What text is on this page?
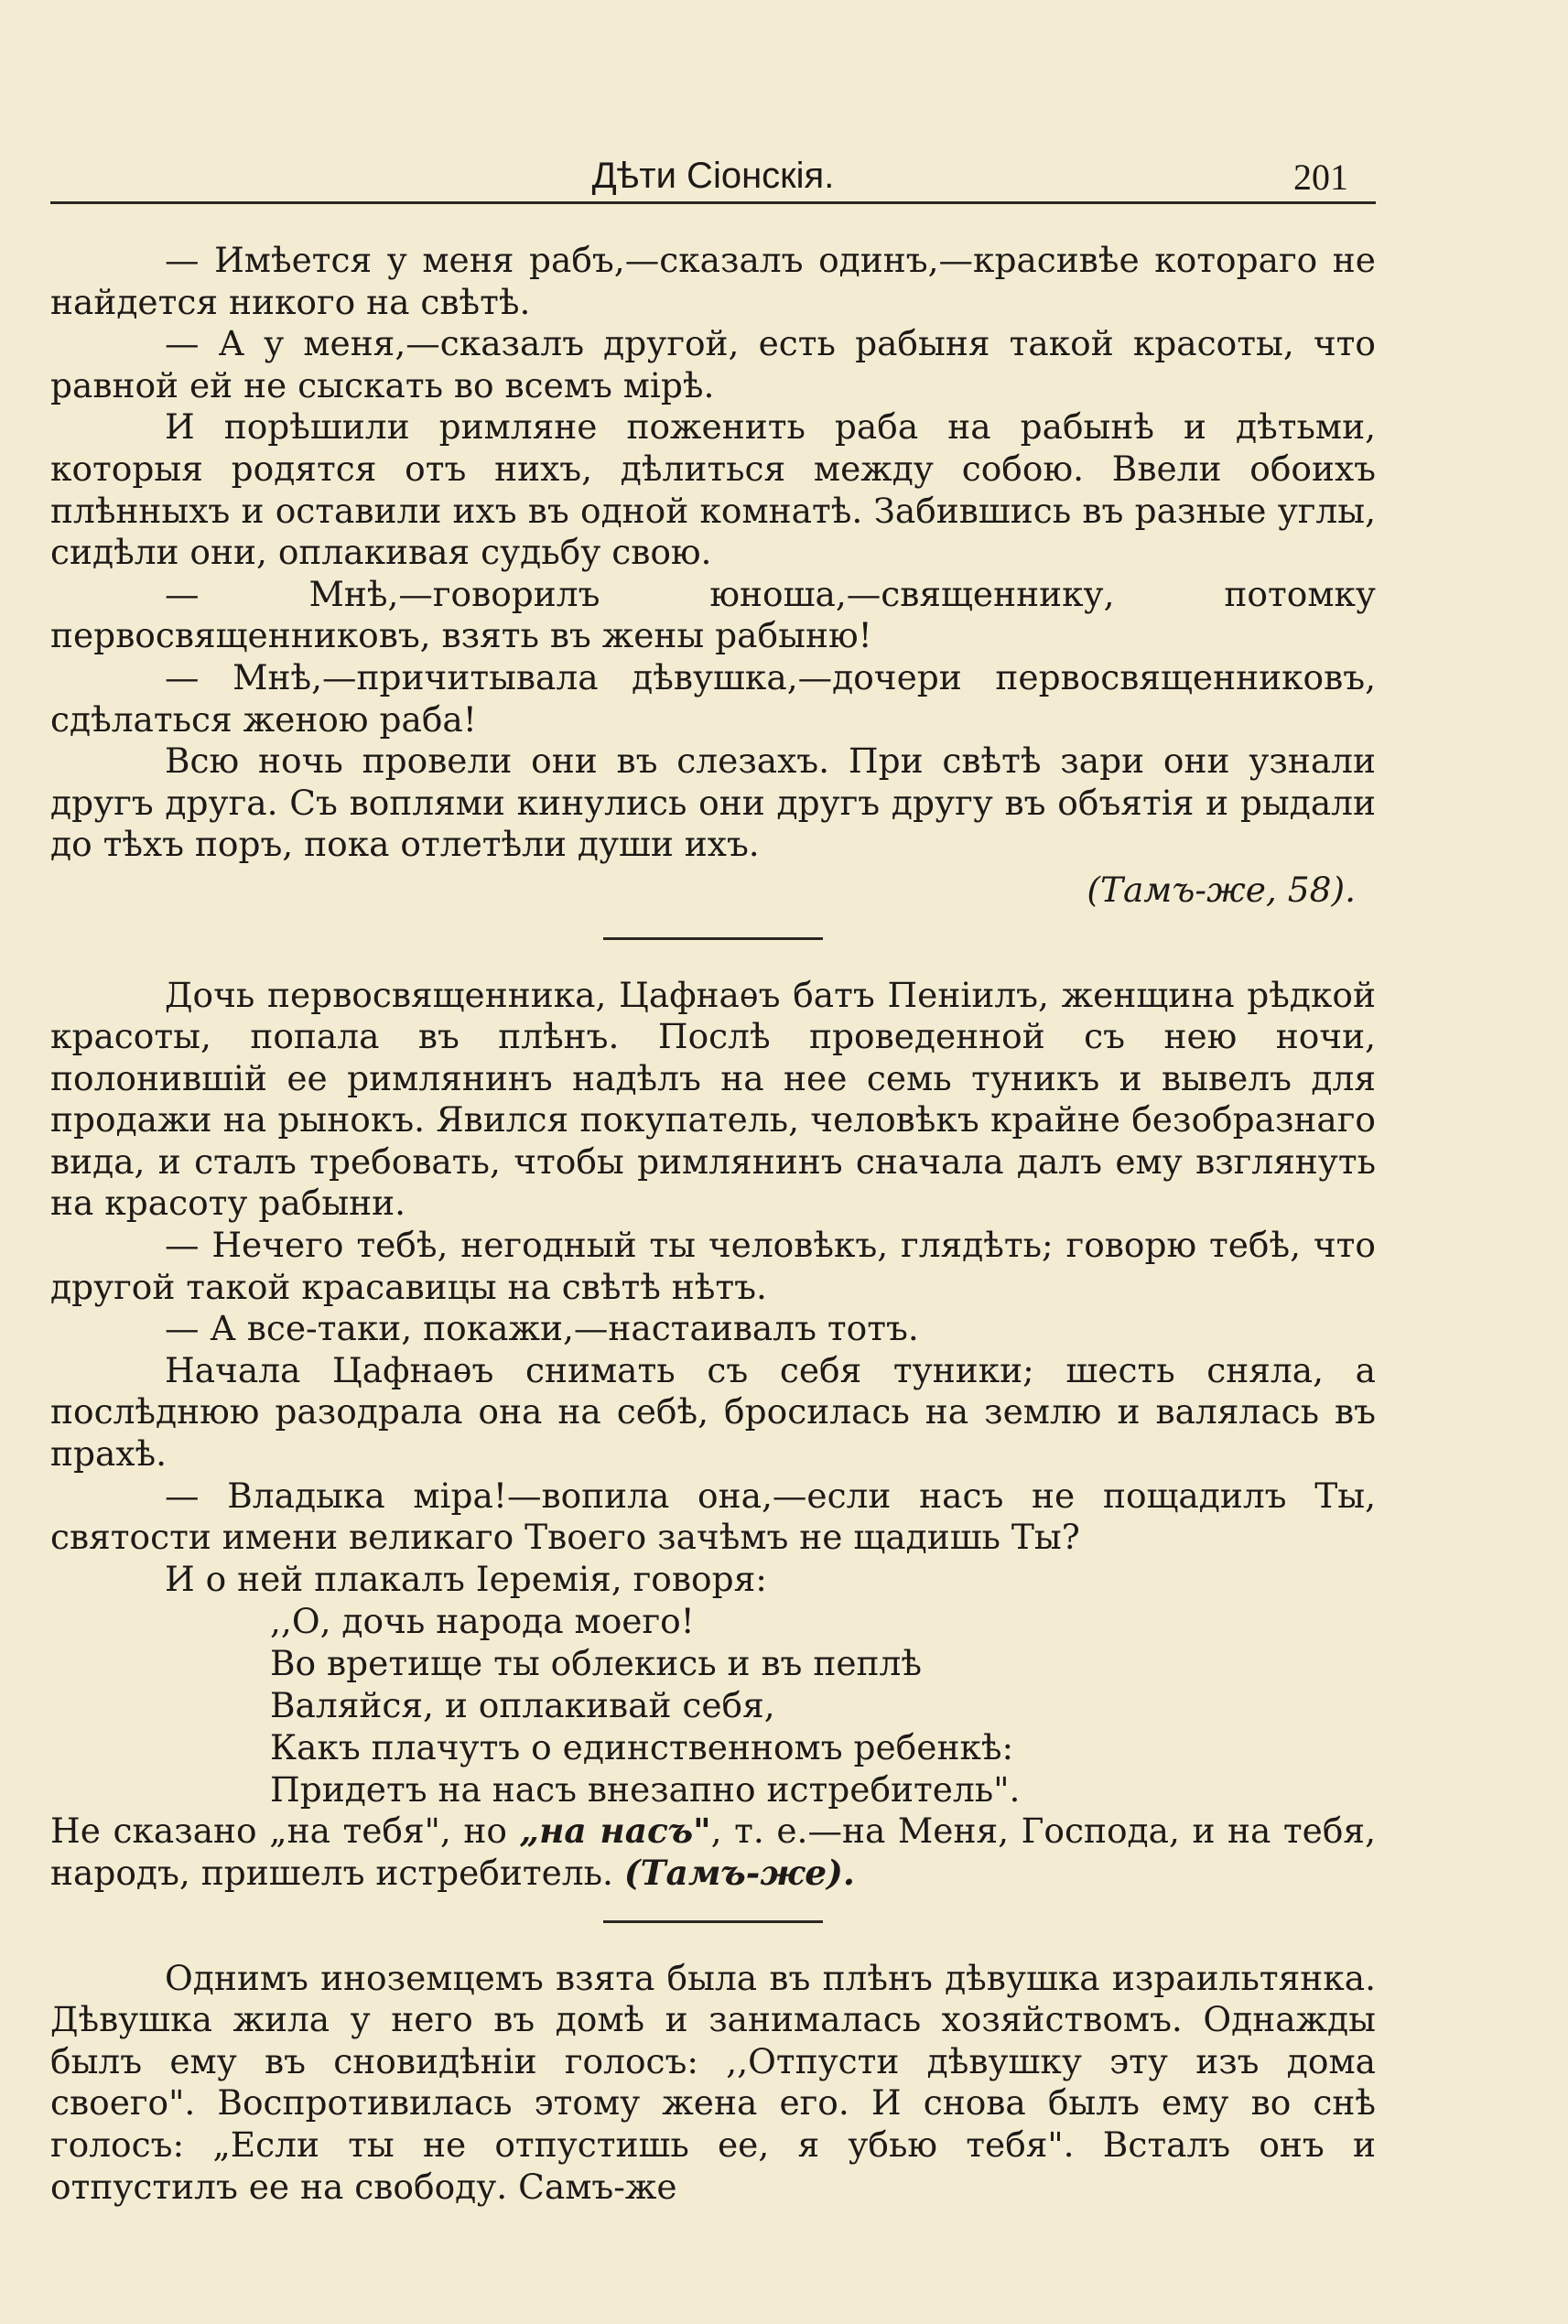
Дѣти Сіонскія.	201

— Имѣется у меня рабъ,—сказалъ одинъ,—красивѣе котораго не найдется никого на свѣтѣ.

— А у меня,—сказалъ другой, есть рабыня такой красоты, что равной ей не сыскать во всемъ мірѣ.

И порѣшили римляне поженить раба на рабынѣ и дѣтьми, которыя родятся отъ нихъ, дѣлиться между собою. Ввели обоихъ плѣнныхъ и оставили ихъ въ одной комнатѣ. Забившись въ разные углы, сидѣли они, оплакивая судьбу свою.

— Мнѣ,—говорилъ юноша,—священнику, потомку первосвященниковъ, взять въ жены рабыню!

— Мнѣ,—причитывала дѣвушка,—дочери первосвященниковъ, сдѣлаться женою раба!

Всю ночь провели они въ слезахъ. При свѣтѣ зари они узнали другъ друга. Съ воплями кинулись они другъ другу въ объятія и рыдали до тѣхъ поръ, пока отлетѣли души ихъ.

(Тамъ-же, 58).

Дочь первосвященника, Цафнаѳъ батъ Пеніилъ, женщина рѣдкой красоты, попала въ плѣнъ. Послѣ проведенной съ нею ночи, полонившій ее римлянинъ надѣлъ на нее семь туникъ и вывелъ для продажи на рынокъ. Явился покупатель, человѣкъ крайне безобразнаго вида, и сталъ требовать, чтобы римлянинъ сначала далъ ему взглянуть на красоту рабыни.

— Нечего тебѣ, негодный ты человѣкъ, глядѣть; говорю тебѣ, что другой такой красавицы на свѣтѣ нѣтъ.

— А все-таки, покажи,—настаивалъ тотъ.

Начала Цафнаѳъ снимать съ себя туники; шесть сняла, а послѣднюю разодрала она на себѣ, бросилась на землю и валялась въ прахѣ.

— Владыка міра!—вопила она,—если насъ не пощадилъ Ты, святости имени великаго Твоего зачѣмъ не щадишь Ты?

И о ней плакалъ Іеремія, говоря:

,,О, дочь народа моего!
Во вретище ты облекись и въ пеплѣ
Валяйся, и оплакивай себя,
Какъ плачутъ о единственномъ ребенкѣ:
Придетъ на насъ внезапно истребитель".

Не сказано „на тебя", но „на насъ", т. е.—на Меня, Господа, и на тебя, народъ, пришелъ истребитель. (Тамъ-же).

Однимъ иноземцемъ взята была въ плѣнъ дѣвушка израильтянка. Дѣвушка жила у него въ домѣ и занималась хозяйствомъ. Однажды былъ ему въ сновидѣніи голосъ: ,,Отпусти дѣвушку эту изъ дома своего". Воспротивилась этому жена его. И снова былъ ему во снѣ голосъ: „Если ты не отпустишь ее, я убью тебя". Всталъ онъ и отпустилъ ее на свободу. Самъ-же
